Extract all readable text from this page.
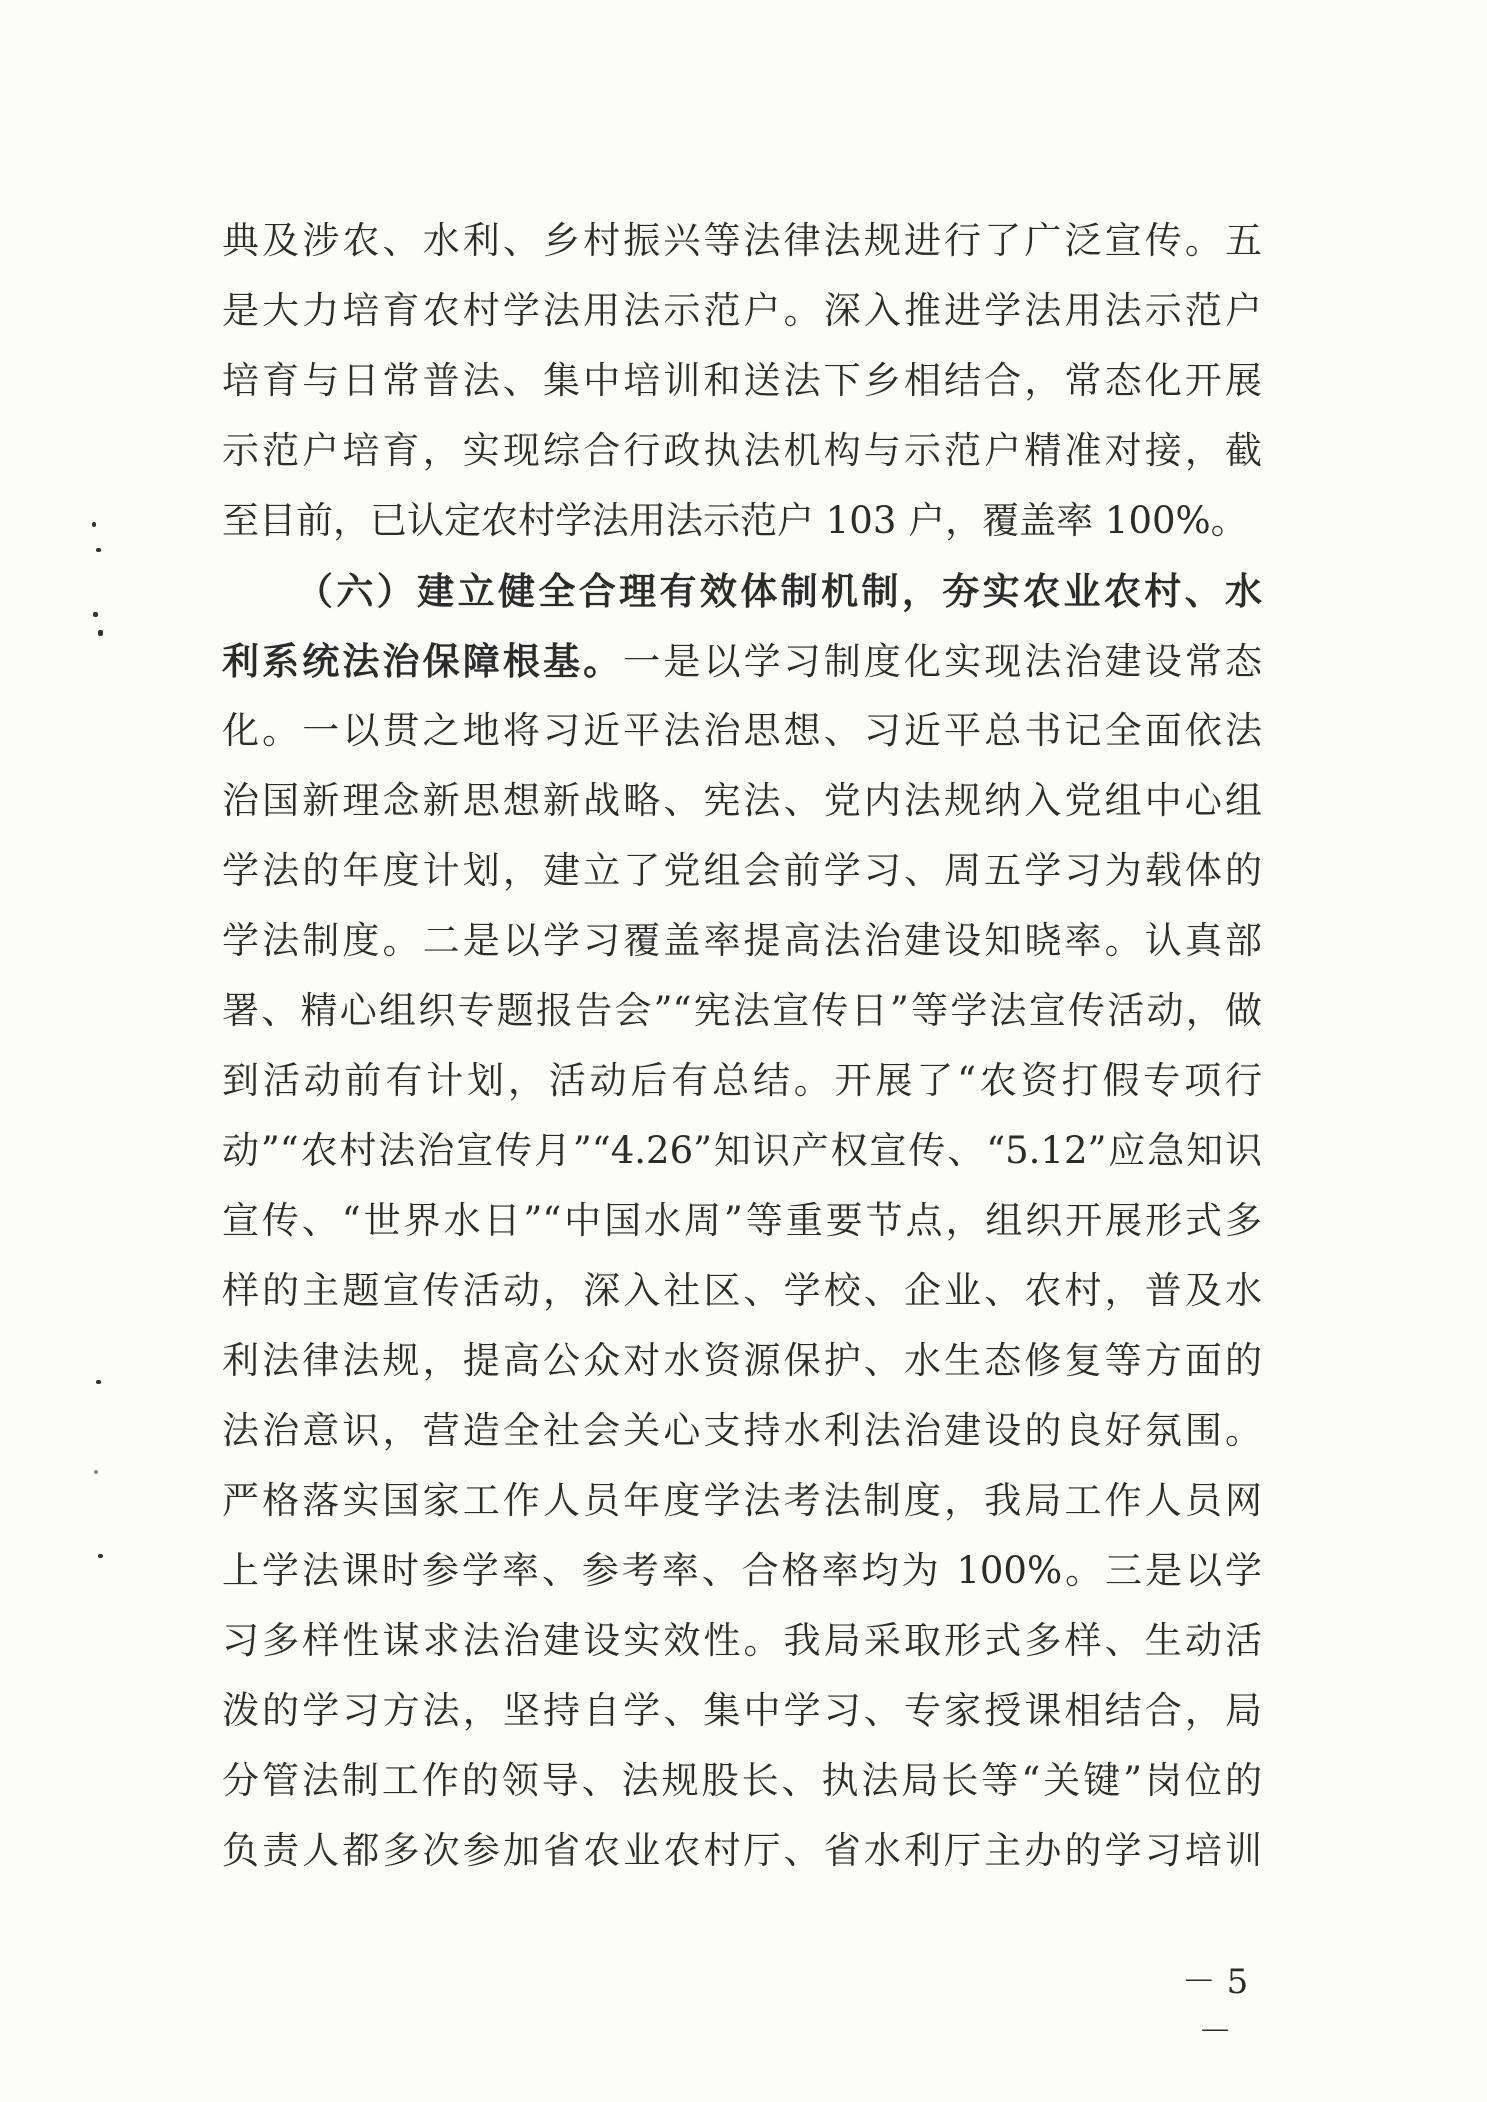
典及涉农、水利、乡村振兴等法律法规进行了广泛宣传。五
是大力培育农村学法用法示范户。深入推进学法用法示范户
培育与日常普法、集中培训和送法下乡相结合，常态化开展
示范户培育，实现综合行政执法机构与示范户精准对接，截
至目前，已认定农村学法用法示范户 103 户，覆盖率 100%。
（六）建立健全合理有效体制机制，夯实农业农村、水
利系统法治保障根基。一是以学习制度化实现法治建设常态
化。一以贯之地将习近平法治思想、习近平总书记全面依法
治国新理念新思想新战略、宪法、党内法规纳入党组中心组
学法的年度计划，建立了党组会前学习、周五学习为载体的
学法制度。二是以学习覆盖率提高法治建设知晓率。认真部
署、精心组织专题报告会”“宪法宣传日”等学法宣传活动，做
到活动前有计划，活动后有总结。开展了“农资打假专项行
动”“农村法治宣传月”“4.26”知识产权宣传、“5.12”应急知识
宣传、“世界水日”“中国水周”等重要节点，组织开展形式多
样的主题宣传活动，深入社区、学校、企业、农村，普及水
利法律法规，提高公众对水资源保护、水生态修复等方面的
法治意识，营造全社会关心支持水利法治建设的良好氛围。
严格落实国家工作人员年度学法考法制度，我局工作人员网
上学法课时参学率、参考率、合格率均为 100%。三是以学
习多样性谋求法治建设实效性。我局采取形式多样、生动活
泼的学习方法，坚持自学、集中学习、专家授课相结合，局
分管法制工作的领导、法规股长、执法局长等“关键”岗位的
负责人都多次参加省农业农村厅、省水利厅主办的学习培训
－ 5 －
